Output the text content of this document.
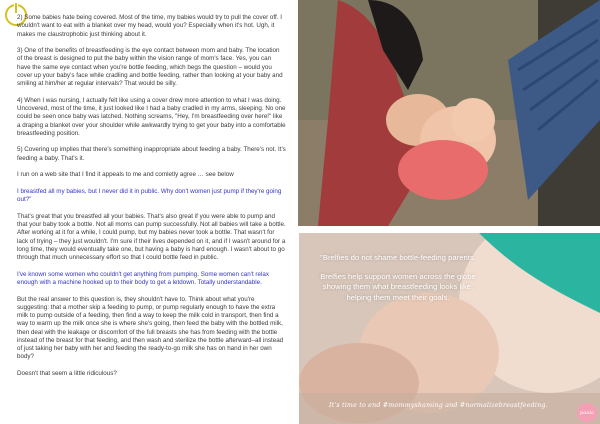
2) Some babies hate being covered. Most of the time, my babies would try to pull the cover off. I wouldn't want to eat with a blanket over my head, would you? Especially when it's hot. Ugh, it makes me claustrophobic just thinking about it.

3) One of the benefits of breastfeeding is the eye contact between mom and baby. The location of the breast is designed to put the baby within the vision range of mom's face. Yes, you can have the same eye contact when you're bottle feeding, which begs the question – would you cover up your baby's face while cradling and bottle feeding, rather than looking at your baby and smiling at him/her at regular intervals? That would be silly.

4) When I was nursing, I actually felt like using a cover drew more attention to what I was doing. Uncovered, most of the time, it just looked like I had a baby cradled in my arms, sleeping. No one could be seen once baby was latched. Nothing screams, "Hey, I'm breastfeeding over here!" like a draping a blanket over your shoulder while awkwardly trying to get your baby into a comfortable breastfeeding position.

5) Covering up implies that there's something inappropriate about feeding a baby. There's not. It's feeding a baby. That's it.

I run on a web site that I find it appeals to me and comletly agree … see below

I breastfed all my babies, but I never did it in public. Why don't women just pump if they're going out?"

That's great that you breastfed all your babies. That's also great if you were able to pump and that your baby took a bottle. Not all moms can pump successfully. Not all babies will take a bottle. After working at it for a while, I could pump, but my babies never took a bottle. That wasn't for lack of trying – they just wouldn't. I'm sure if their lives depended on it, and if I wasn't around for a long time, they would eventually take one, but having a baby is hard enough. I wasn't about to go through that much unnecessary effort so that I could bottle feed in public.

I've known some women who couldn't get anything from pumping. Some women can't relax enough with a machine hooked up to their body to get a letdown. Totally understandable.

But the real answer to this question is, they shouldn't have to. Think about what you're suggesting: that a mother skip a feeding to pump, or pump regularly enough to have the extra milk to pump outside of a feeding, then find a way to keep the milk cold in transport, then find a way to warm up the milk once she is where she's going, then feed the baby with the bottled milk, then deal with the leakage or discomfort of the full breasts she has from feeding with the bottle instead of the breast for that feeding, and then wash and sterilize the bottle afterward–all instead of just taking her baby with her and feeding the ready-to-go milk she has on hand in her own body?

Doesn't that seem a little ridiculous?

"Brelfies do not shame bottle-feeding parents.

Brelfies help support women across the globe showing them what breastfeeding looks like, helping them meet their goals.

It's time to end #mommyshaming and #normalizebreastfeeding.
paula
